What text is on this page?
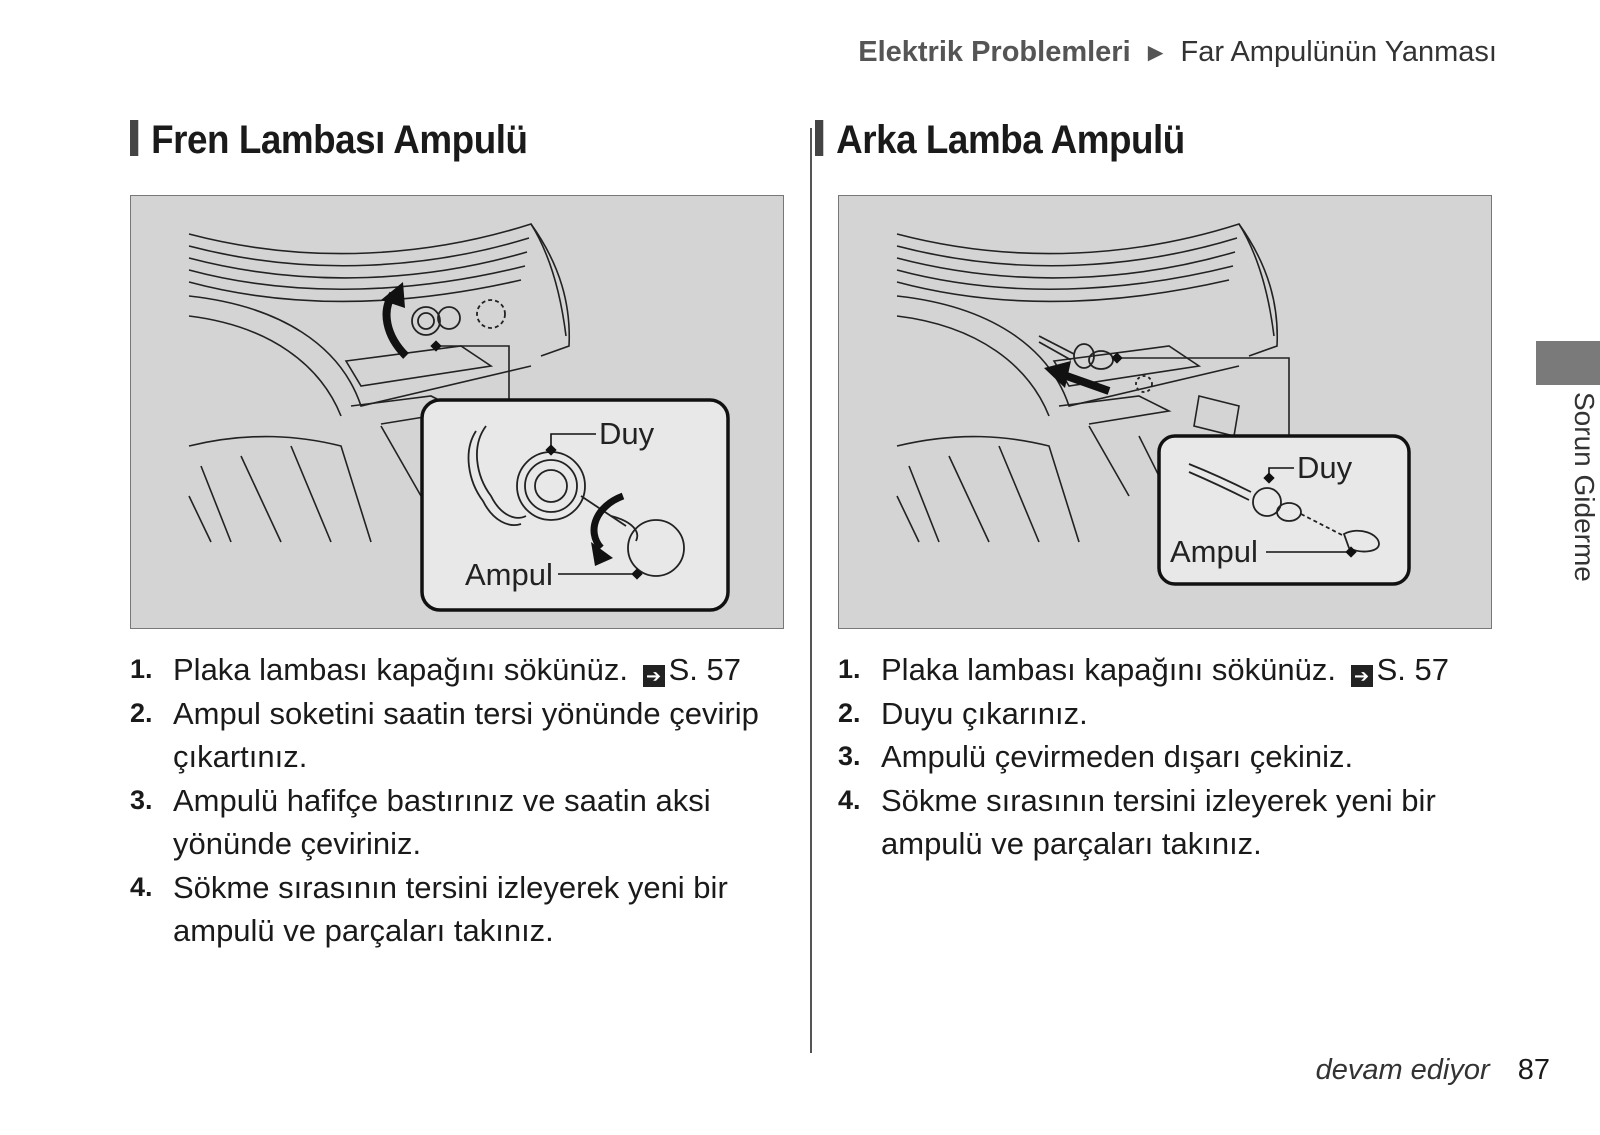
Elektrik Problemleri ► Far Ampulünün Yanması
Fren Lambası Ampulü
Duy
Ampul
1. Plaka lambası kapağını sökünüz. ➔ S. 57
2. Ampul soketini saatin tersi yönünde çevirip çıkartınız.
3. Ampulü hafifçe bastırınız ve saatin aksi yönünde çeviriniz.
4. Sökme sırasının tersini izleyerek yeni bir ampulü ve parçaları takınız.
Arka Lamba Ampulü
Duy
Ampul
1. Plaka lambası kapağını sökünüz. ➔ S. 57
2. Duyu çıkarınız.
3. Ampulü çevirmeden dışarı çekiniz.
4. Sökme sırasının tersini izleyerek yeni bir ampulü ve parçaları takınız.
Sorun Giderme
devam ediyor 87
